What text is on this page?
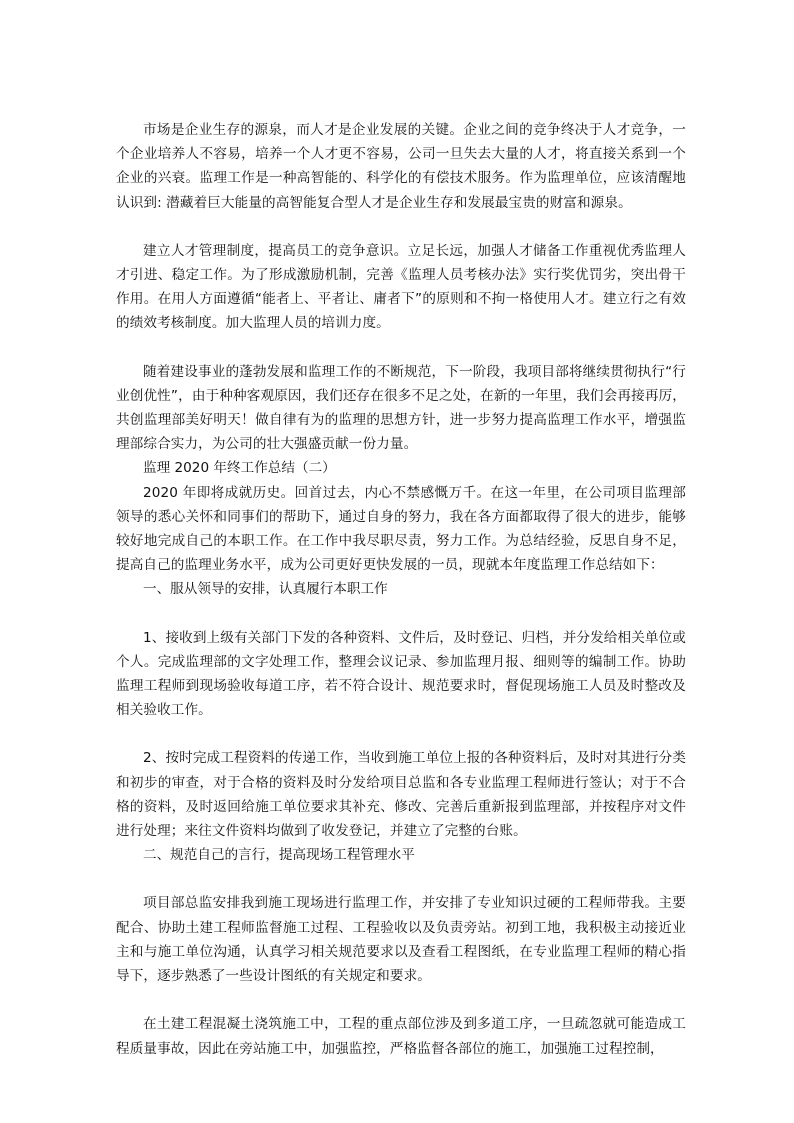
市场是企业生存的源泉，而人才是企业发展的关键。企业之间的竞争终决于人才竞争，一个企业培养人不容易，培养一个人才更不容易，公司一旦失去大量的人才，将直接关系到一个企业的兴衰。监理工作是一种高智能的、科学化的有偿技术服务。作为监理单位，应该清醒地认识到: 潜藏着巨大能量的高智能复合型人才是企业生存和发展最宝贵的财富和源泉。

建立人才管理制度，提高员工的竞争意识。立足长远，加强人才储备工作重视优秀监理人才引进、稳定工作。为了形成激励机制，完善《监理人员考核办法》实行奖优罚劣，突出骨干作用。在用人方面遵循“能者上、平者让、庸者下”的原则和不拘一格使用人才。建立行之有效的绩效考核制度。加大监理人员的培训力度。

随着建设事业的蓬勃发展和监理工作的不断规范，下一阶段，我项目部将继续贯彻执行“行业创优性”，由于种种客观原因，我们还存在很多不足之处，在新的一年里，我们会再接再厉，共创监理部美好明天！做自律有为的监理的思想方针，进一步努力提高监理工作水平，增强监理部综合实力，为公司的壮大强盛贡献一份力量。

监理 2020 年终工作总结（二）

2020 年即将成就历史。回首过去，内心不禁感慨万千。在这一年里，在公司项目监理部领导的悉心关怀和同事们的帮助下，通过自身的努力，我在各方面都取得了很大的进步，能够较好地完成自己的本职工作。在工作中我尽职尽责，努力工作。为总结经验，反思自身不足，提高自己的监理业务水平，成为公司更好更快发展的一员，现就本年度监理工作总结如下：

一、服从领导的安排，认真履行本职工作

1、接收到上级有关部门下发的各种资料、文件后，及时登记、归档，并分发给相关单位或个人。完成监理部的文字处理工作，整理会议记录、参加监理月报、细则等的编制工作。协助监理工程师到现场验收每道工序，若不符合设计、规范要求时，督促现场施工人员及时整改及相关验收工作。

2、按时完成工程资料的传递工作，当收到施工单位上报的各种资料后，及时对其进行分类和初步的审查，对于合格的资料及时分发给项目总监和各专业监理工程师进行签认；对于不合格的资料，及时返回给施工单位要求其补充、修改、完善后重新报到监理部，并按程序对文件进行处理；来往文件资料均做到了收发登记，并建立了完整的台账。

二、规范自己的言行，提高现场工程管理水平

项目部总监安排我到施工现场进行监理工作，并安排了专业知识过硬的工程师带我。主要配合、协助土建工程师监督施工过程、工程验收以及负责旁站。初到工地，我积极主动接近业主和与施工单位沟通，认真学习相关规范要求以及查看工程图纸，在专业监理工程师的精心指导下，逐步熟悉了一些设计图纸的有关规定和要求。

在土建工程混凝土浇筑施工中，工程的重点部位涉及到多道工序，一旦疏忽就可能造成工程质量事故，因此在旁站施工中，加强监控，严格监督各部位的施工，加强施工过程控制，
